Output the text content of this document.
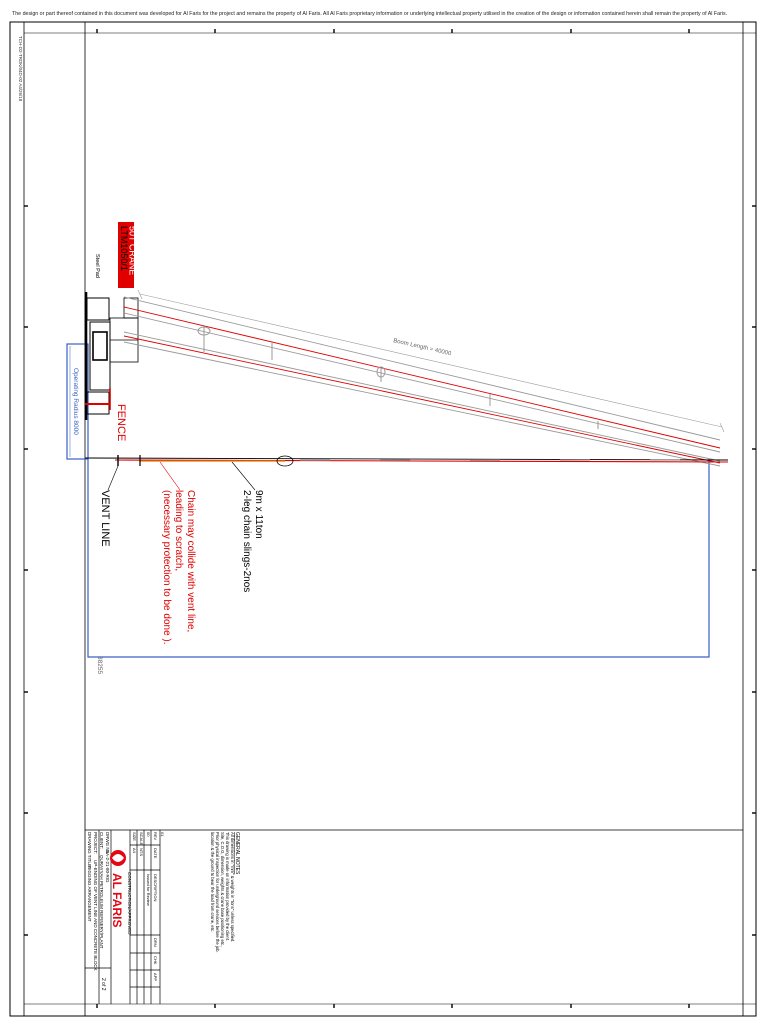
The design or part thereof contained in this document was developed for Al Faris for the project and remains the property of Al Faris. All Al Faris proprietary information or underlying intellectual property utilised in the creation of the design or information contained herein shall remain the property of Al Faris.
TCH-D2-TRDK/04D-02 A4/26/18
Steel Pad LTM1050/1
50T CRANE
Boom Length = 40000
Operating Radius 8000	FENCE
VENT LINE	9m x 11ton
2-leg chain slings-2nos
Chain may collide with vent line,
leading to scratch,
(necessary protection to be done ).
38255
CONSTRUCTION/APPROVED
REV
DATE
DESCRIPTION
DRN
CHK
APP
01
00
Issued for Review
SCALE
NTS
SIZE
A4
AL FARIS
CLIENT:
QURAYYAH PETROLEUM REFINERY/PLANT
PROJECT:
UP-ENDING OF VENT LINE AND CONCRETE BLOCK
DRAWING TITLE:
RIGGING ARRANGEMENT
DRWG No.
SA-2-21-80-RIG
2 of 2
GENERAL NOTES
All dimensions in "mm" & weights in "tons" unless specified.
This drawing is made on information provided by the client.
Site, C.O.G, dimension, weights & crane base positioning etc.,
Prior physical inspection for underground services before the job.
location & the ground to bear the load from crane, etc.
